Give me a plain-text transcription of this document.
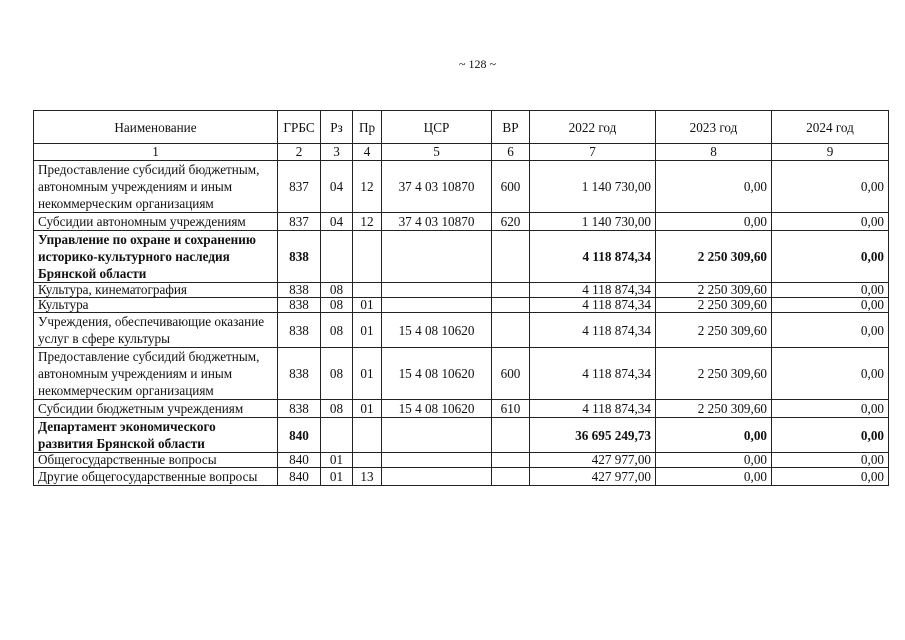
~ 128 ~
Наименование	ГРБС	Рз	Пр	ЦСР	ВР	2022 год	2023 год	2024 год
1	2	3	4	5	6	7	8	9
Предоставление субсидий бюджетным, автономным учреждениям и иным некоммерческим организациям	837	04	12	37 4 03 10870	600	1 140 730,00	0,00	0,00
Субсидии автономным учреждениям	837	04	12	37 4 03 10870	620	1 140 730,00	0,00	0,00
Управление по охране и сохранению историко-культурного наследия Брянской области	838					4 118 874,34	2 250 309,60	0,00
Культура, кинематография	838	08				4 118 874,34	2 250 309,60	0,00
Культура	838	08	01			4 118 874,34	2 250 309,60	0,00
Учреждения, обеспечивающие оказание услуг в сфере культуры	838	08	01	15 4 08 10620		4 118 874,34	2 250 309,60	0,00
Предоставление субсидий бюджетным, автономным учреждениям и иным некоммерческим организациям	838	08	01	15 4 08 10620	600	4 118 874,34	2 250 309,60	0,00
Субсидии бюджетным учреждениям	838	08	01	15 4 08 10620	610	4 118 874,34	2 250 309,60	0,00
Департамент экономического развития Брянской области	840					36 695 249,73	0,00	0,00
Общегосударственные вопросы	840	01				427 977,00	0,00	0,00
Другие общегосударственные вопросы	840	01	13			427 977,00	0,00	0,00
